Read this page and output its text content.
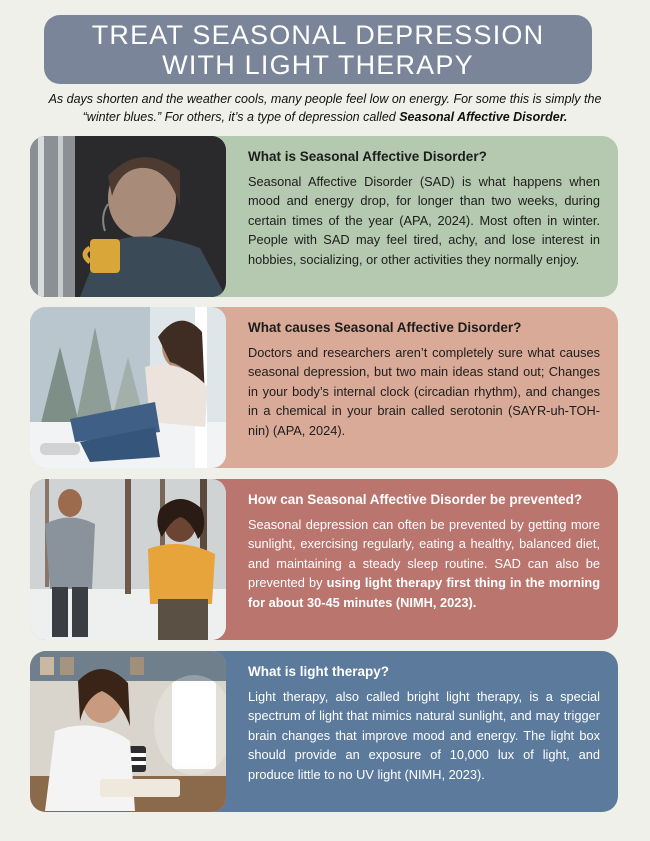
TREAT SEASONAL DEPRESSION WITH LIGHT THERAPY
As days shorten and the weather cools, many people feel low on energy. For some this is simply the “winter blues.” For others, it’s a type of depression called Seasonal Affective Disorder.
What is Seasonal Affective Disorder?

Seasonal Affective Disorder (SAD) is what happens when mood and energy drop, for longer than two weeks, during certain times of the year (APA, 2024). Most often in winter. People with SAD may feel tired, achy, and lose interest in hobbies, socializing, or other activities they normally enjoy.

What causes Seasonal Affective Disorder?

Doctors and researchers aren’t completely sure what causes seasonal depression, but two main ideas stand out; Changes in your body’s internal clock (circadian rhythm), and changes in a chemical in your brain called serotonin (SAYR-uh-TOH-nin) (APA, 2024).

How can Seasonal Affective Disorder be prevented?

Seasonal depression can often be prevented by getting more sunlight, exercising regularly, eating a healthy, balanced diet, and maintaining a steady sleep routine. SAD can also be prevented by using light therapy first thing in the morning for about 30-45 minutes (NIMH, 2023).

What is light therapy?

Light therapy, also called bright light therapy, is a special spectrum of light that mimics natural sunlight, and may trigger brain changes that improve mood and energy. The light box should provide an exposure of 10,000 lux of light, and produce little to no UV light (NIMH, 2023).
